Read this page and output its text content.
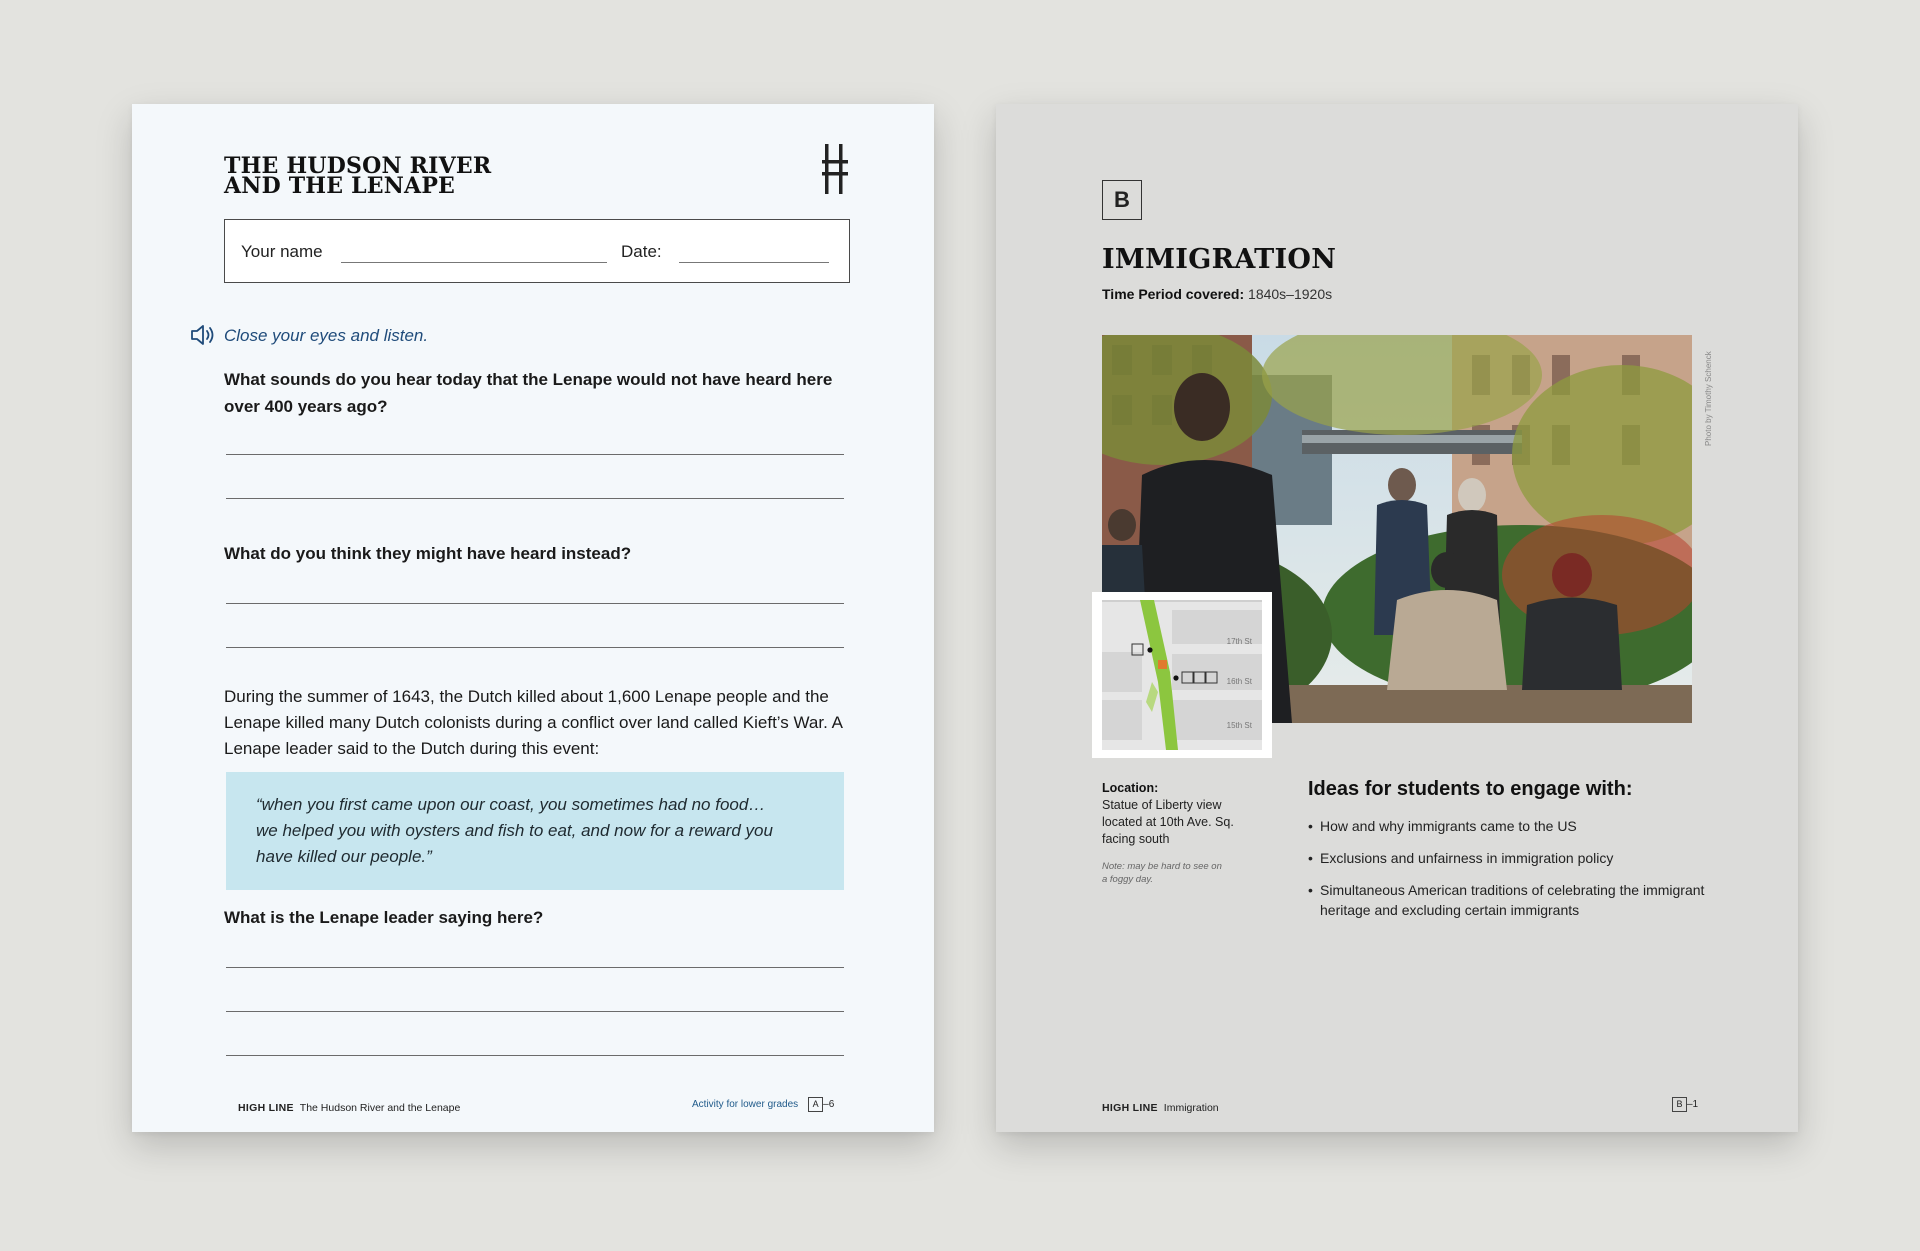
THE HUDSON RIVER
AND THE LENAPE
Your name	Date:

Close your eyes and listen.

What sounds do you hear today that the Lenape would not have heard here over 400 years ago?

What do you think they might have heard instead?

During the summer of 1643, the Dutch killed about 1,600 Lenape people and the Lenape killed many Dutch colonists during a conflict over land called Kieft’s War. A Lenape leader said to the Dutch during this event:

“when you first came upon our coast, you sometimes had no food…

we helped you with oysters and fish to eat, and now for a reward you

have killed our people.”

What is the Lenape leader saying here?

HIGH LINE The Hudson River and the Lenape	Activity for lower grades A –6
B
IMMIGRATION

Time Period covered: 1840s–1920s

Photo by Timothy Schenck
17th St
16th St
15th St
Location:
Statue of Liberty view
located at 10th Ave. Sq.
facing south
Note: may be hard to see on
a foggy day.
Ideas for students to engage with:
• How and why immigrants came to the US
• Exclusions and unfairness in immigration policy
• Simultaneous American traditions of celebrating the immigrant heritage and excluding certain immigrants
HIGH LINE Immigration	B –1
